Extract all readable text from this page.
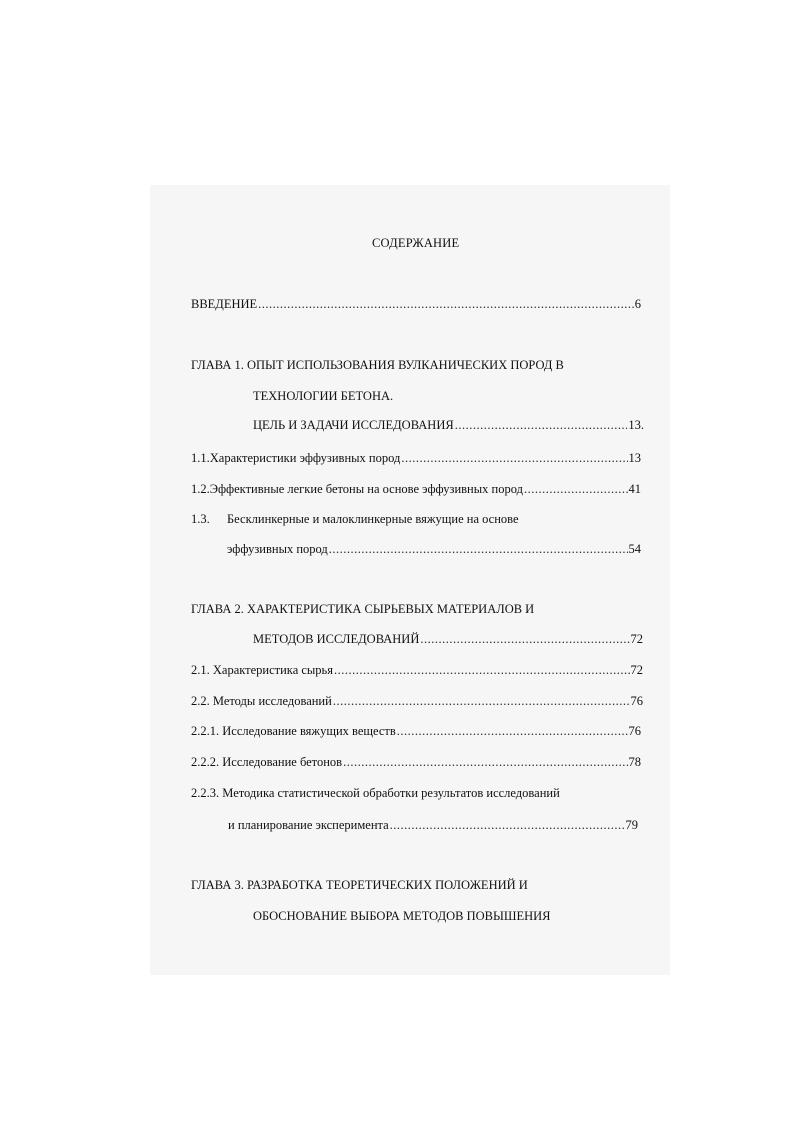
СОДЕРЖАНИЕ
ВВЕДЕНИЕ .....	6
ГЛАВА 1. ОПЫТ ИСПОЛЬЗОВАНИЯ ВУЛКАНИЧЕСКИХ ПОРОД В
ТЕХНОЛОГИИ БЕТОНА.
ЦЕЛЬ И ЗАДАЧИ ИССЛЕДОВАНИЯ .....	13.
1.1. Характеристики эффузивных пород .....	13
1.2. Эффективные легкие бетоны на основе эффузивных пород .....	41
1.3.	Бесклинкерные и малоклинкерные вяжущие на основе
эффузивных пород .....	54
ГЛАВА 2. ХАРАКТЕРИСТИКА СЫРЬЕВЫХ МАТЕРИАЛОВ И
МЕТОДОВ ИССЛЕДОВАНИЙ .....	72
2.1. Характеристика сырья .....	72
2.2. Методы исследований .....	76
2.2.1. Исследование вяжущих веществ .....	76
2.2.2. Исследование бетонов .....	78
2.2.3. Методика статистической обработки результатов исследований
и планирование эксперимента .....	79
ГЛАВА 3. РАЗРАБОТКА ТЕОРЕТИЧЕСКИХ ПОЛОЖЕНИЙ И
ОБОСНОВАНИЕ ВЫБОРА МЕТОДОВ ПОВЫШЕНИЯ
